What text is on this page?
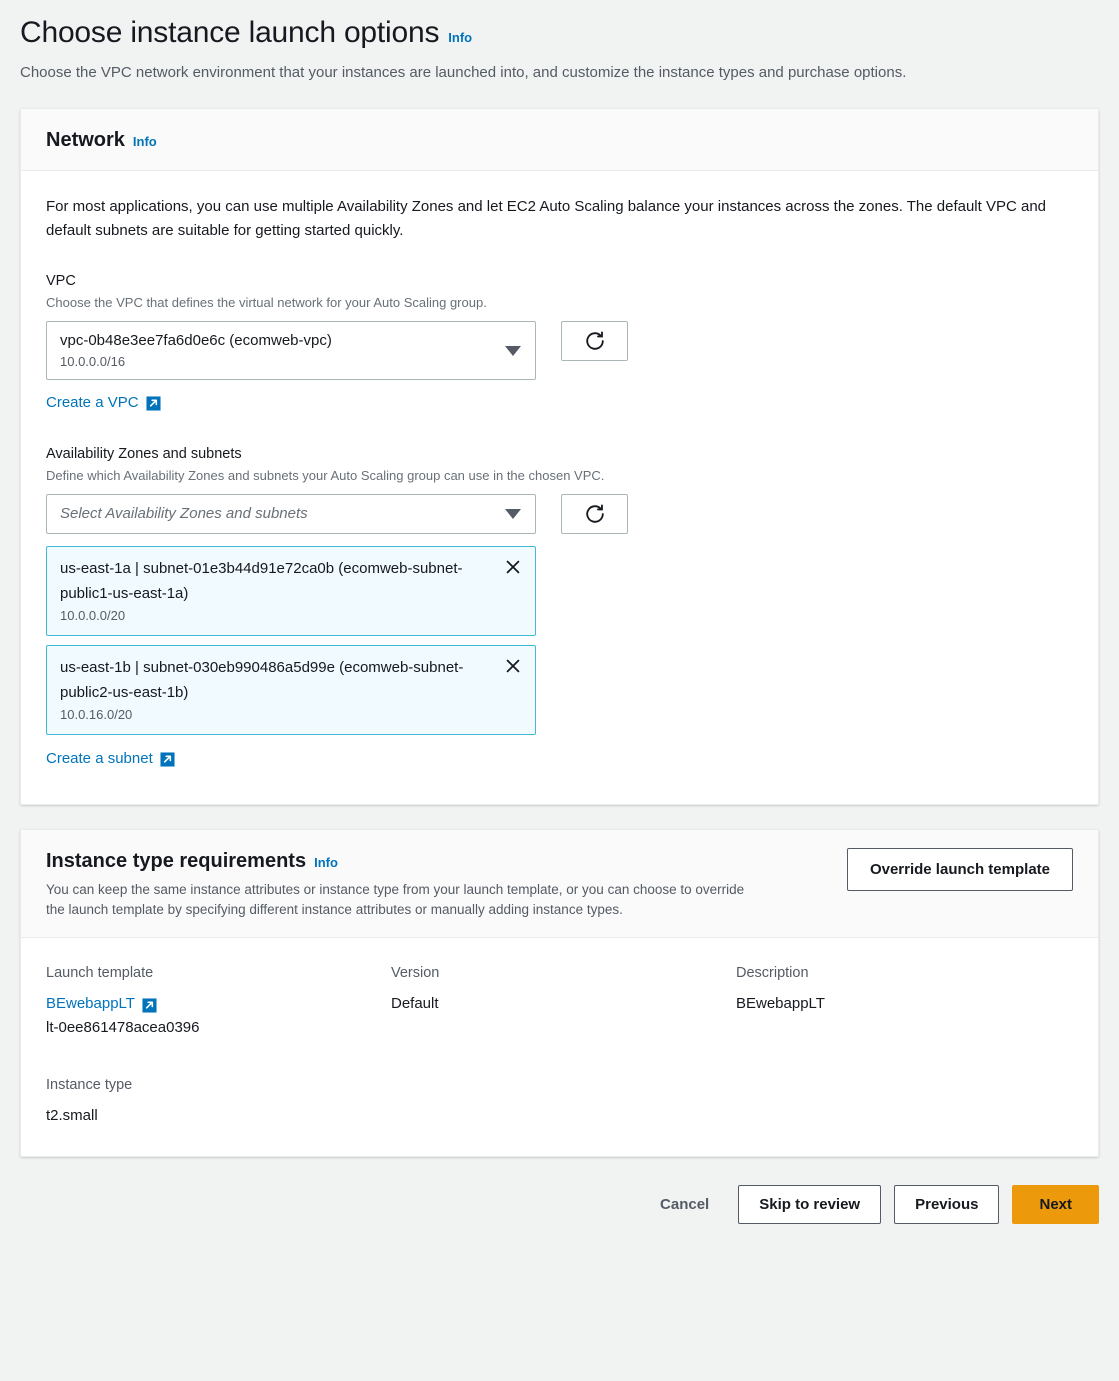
Choose instance launch options Info
Choose the VPC network environment that your instances are launched into, and customize the instance types and purchase options.
Network Info

For most applications, you can use multiple Availability Zones and let EC2 Auto Scaling balance your instances across the zones. The default VPC and default subnets are suitable for getting started quickly.

VPC
Choose the VPC that defines the virtual network for your Auto Scaling group.
vpc-0b48e3ee7fa6d0e6c (ecomweb-vpc)
10.0.0.0/16
Create a VPC
Availability Zones and subnets
Define which Availability Zones and subnets your Auto Scaling group can use in the chosen VPC.
Select Availability Zones and subnets
us-east-1a | subnet-01e3b44d91e72ca0b (ecomweb-subnet-public1-us-east-1a)
10.0.0.0/20
us-east-1b | subnet-030eb990486a5d99e (ecomweb-subnet-public2-us-east-1b)
10.0.16.0/20
Create a subnet
Instance type requirements Info
You can keep the same instance attributes or instance type from your launch template, or you can choose to override the launch template by specifying different instance attributes or manually adding instance types.
Override launch template
Launch template
BEwebappLT
lt-0ee861478acea0396
Version
Default
Description
BEwebappLT
Instance type
t2.small
Cancel	Skip to review	Previous	Next
